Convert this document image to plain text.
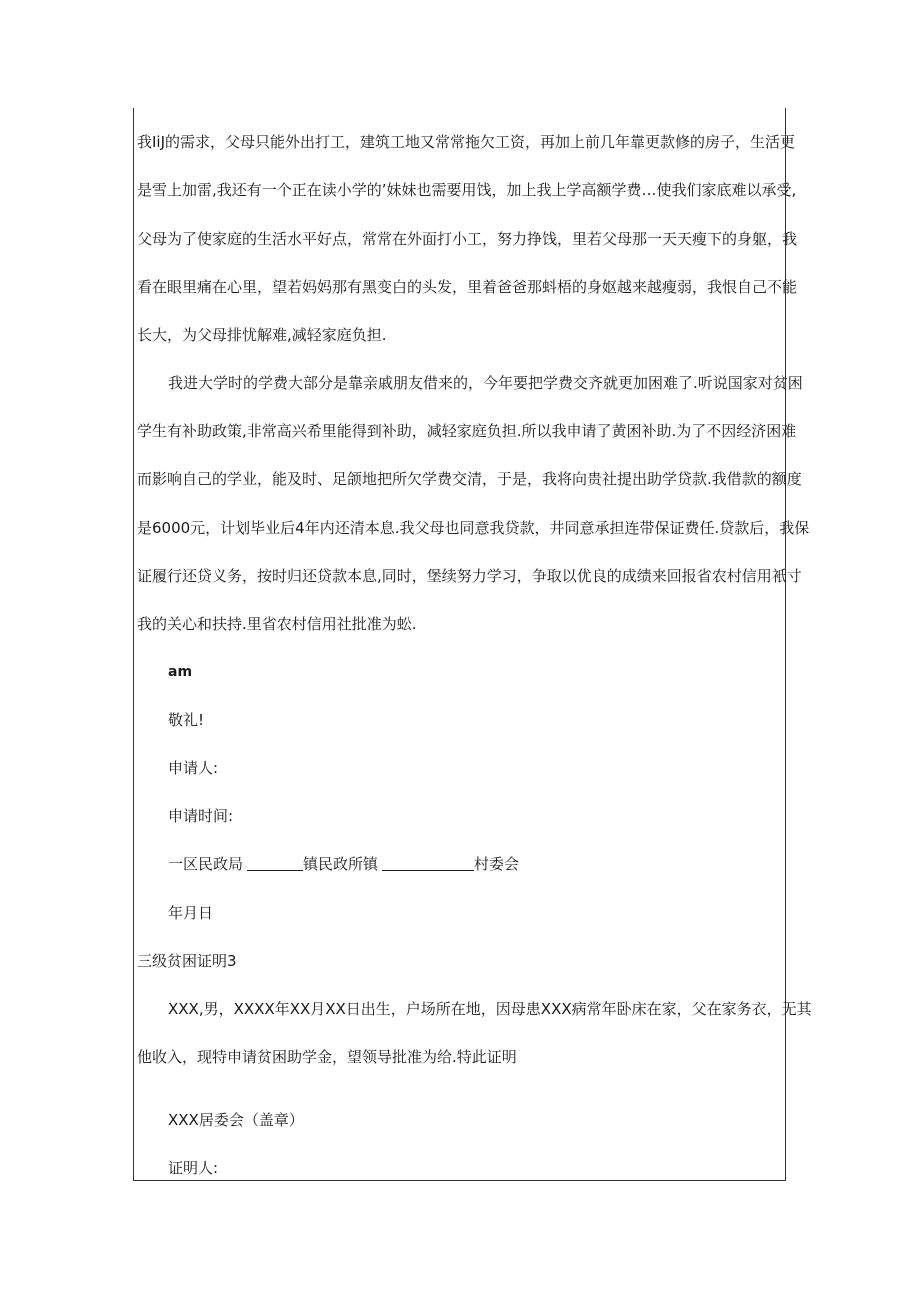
我IiJ的需求，父母只能外出打工，建筑工地又常常拖欠工资，再加上前几年靠更款修的房子，生活更
是雪上加雷,我还有一个正在读小学的’妹妹也需要用饯，加上我上学高额学费…使我们家底难以承受,
父母为了使家庭的生活水平好点，常常在外面打小工，努力挣饯，里若父母那一天天瘦下的身躯，我
看在眼里痛在心里，望若妈妈那有黑变白的头发，里着爸爸那蚪梧的身妪越来越瘦弱，我恨自己不能
长大，为父母排忧解难,减轻家庭负担.
我进大学时的学费大部分是靠亲戚朋友借来的，今年要把学费交齐就更加困难了.听说国家对贫困
学生有补助政策,非常高兴希里能得到补助，减轻家庭负担.所以我申请了黄困补助.为了不因经济困难
而影响自己的学业，能及时、足颌地把所欠学费交清，于是，我将向贵社提出助学贷款.我借款的额度
是6000元，计划毕业后4年内还清本息.我父母也同意我贷款，井同意承担连带保证费任.贷款后，我保
证履行还贷义务，按时归还贷款本息,同时，堡续努力学习，争取以优良的成绩来回报省农村信用衹寸
我的关心和扶持.里省农村信用社批准为蚣.
am
敬礼!
申请人:
申请时间:
一区民政局	镇民政所镇	村委会
年月日
三级贫困证明3
XXX,男，XXXX年XX月XX日出生，户场所在地，因母患XXX病常年卧床在家，父在家务衣，无其
他收入，现特申请贫困助学金，望领导批准为给.特此证明
XXX居委会（盖章）
证明人:
